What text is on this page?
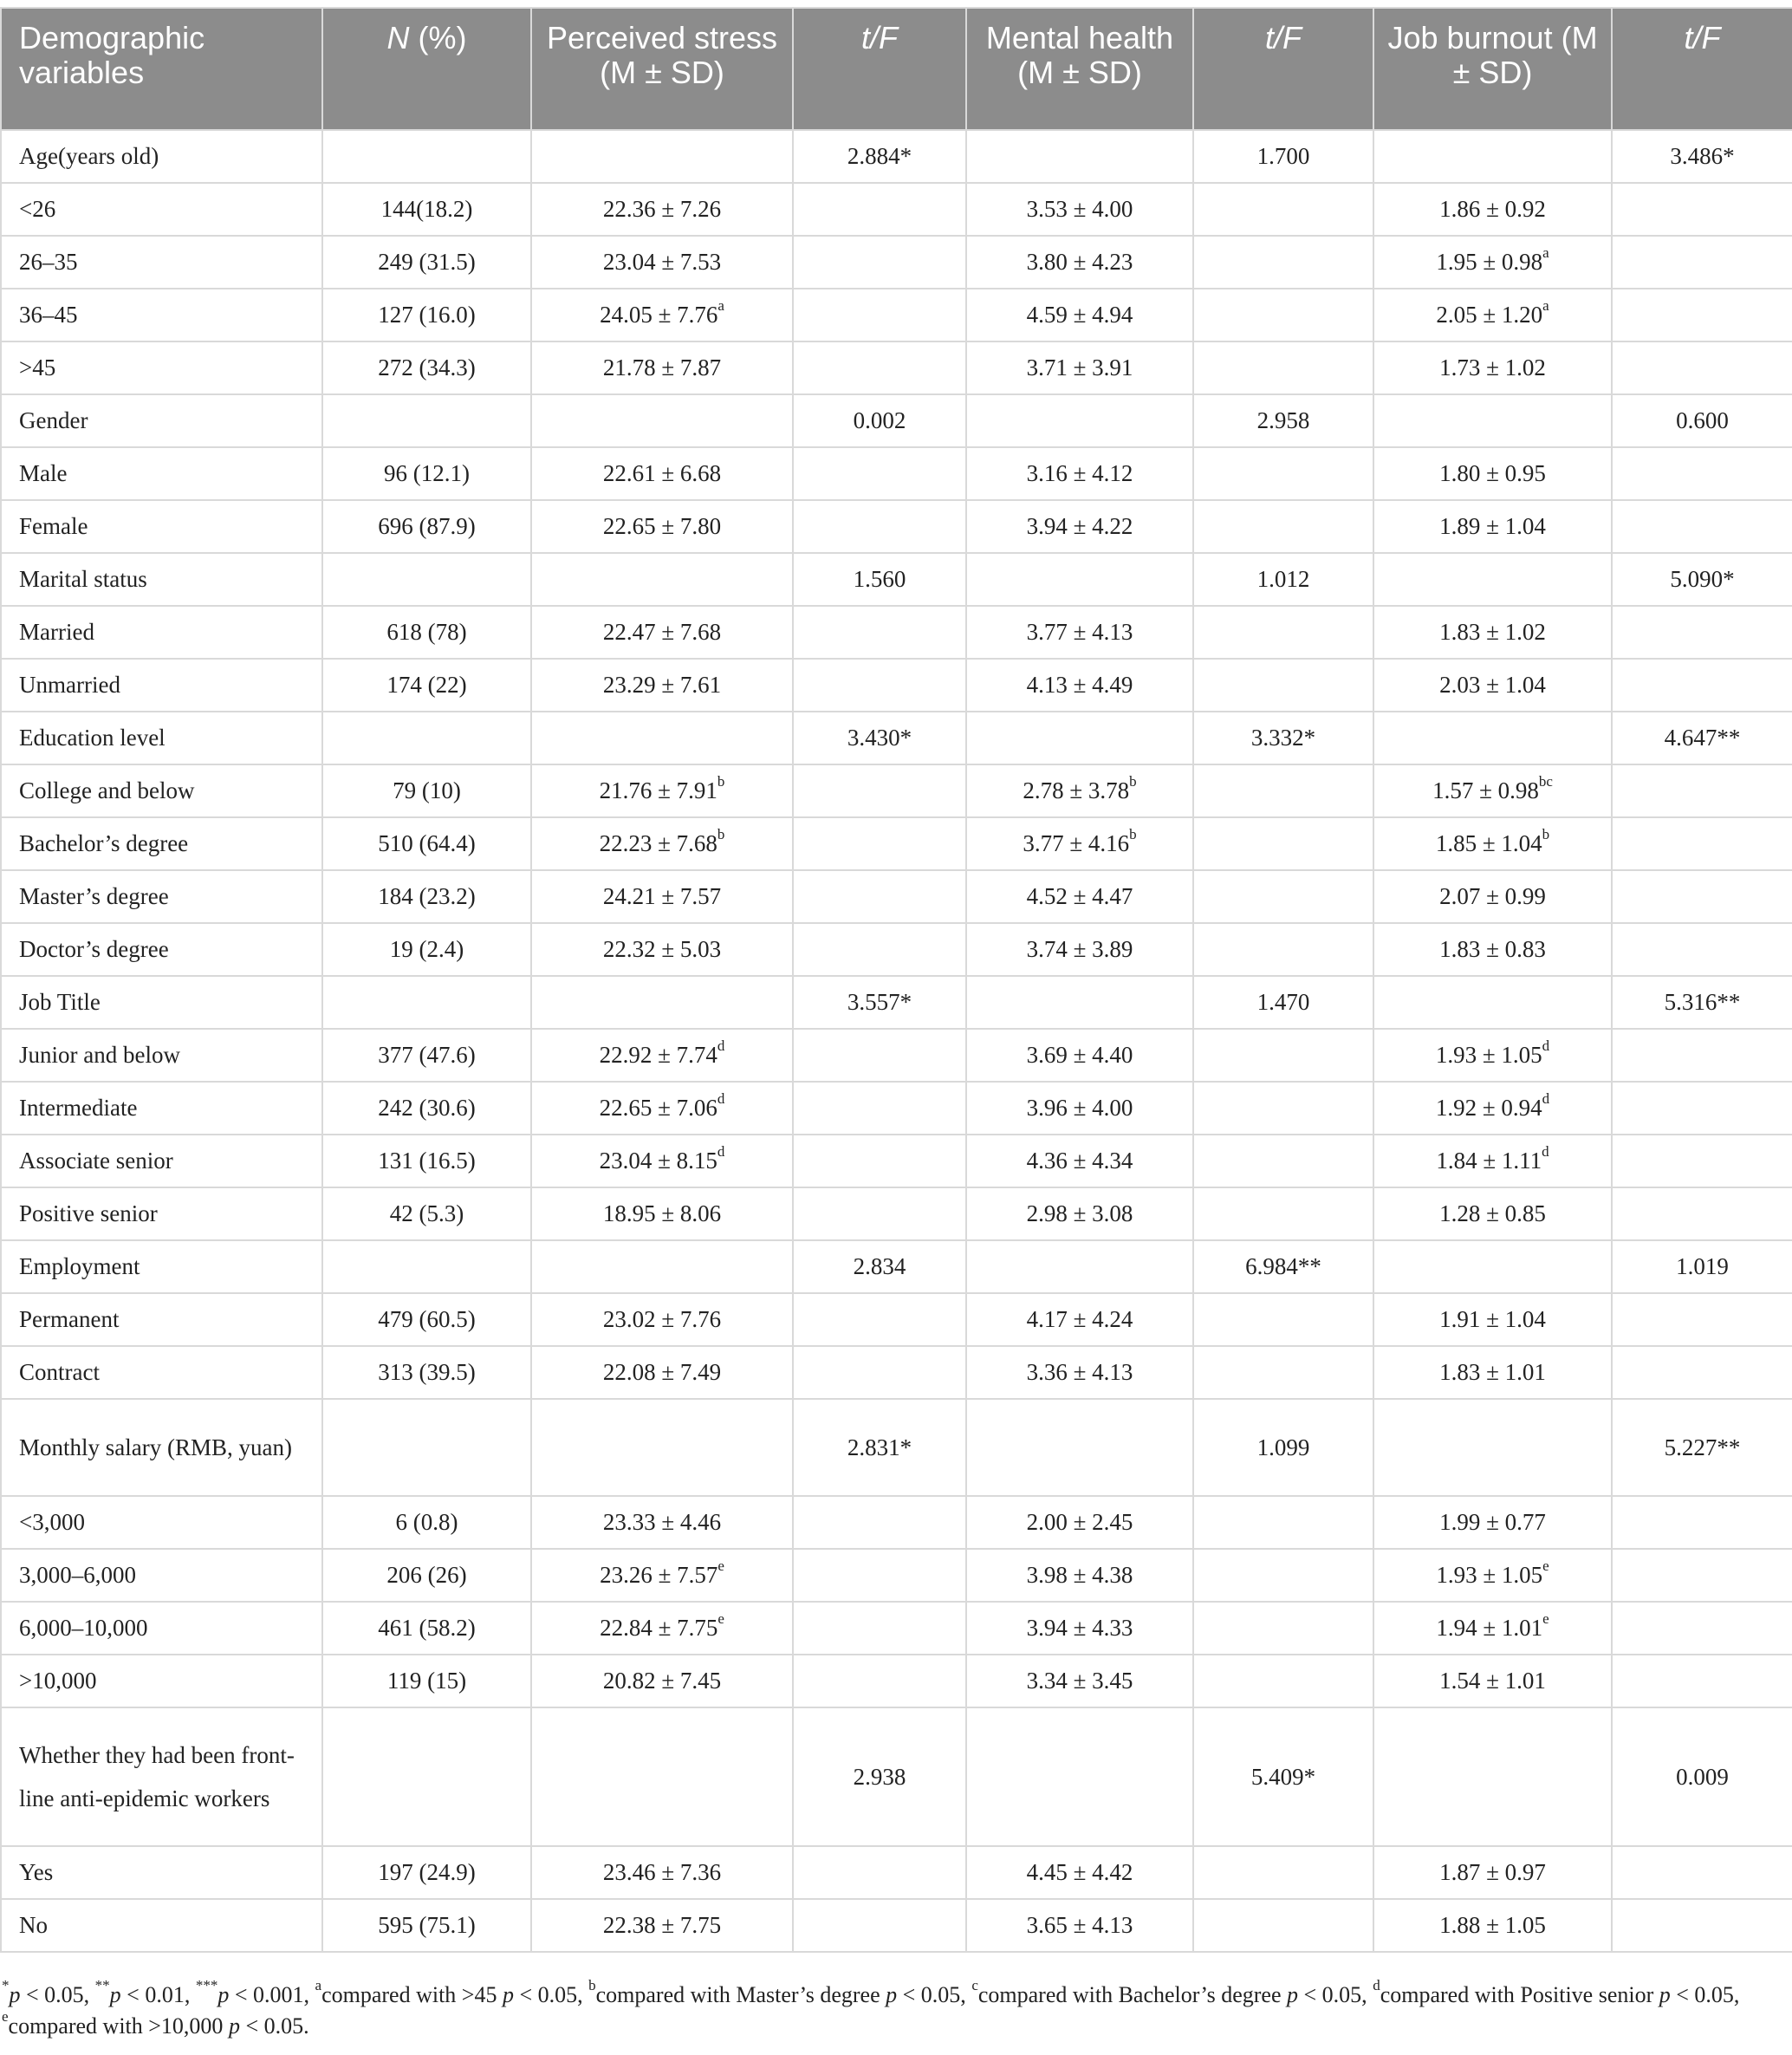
Demographic variables	N (%)	Perceived stress (M ± SD)	t/F	Mental health (M ± SD)	t/F	Job burnout (M ± SD)	t/F
Age(years old)			2.884*		1.700		3.486*
<26	144(18.2)	22.36 ± 7.26		3.53 ± 4.00		1.86 ± 0.92	
26–35	249 (31.5)	23.04 ± 7.53		3.80 ± 4.23		1.95 ± 0.98$^a$	
36–45	127 (16.0)	24.05 ± 7.76$^a$		4.59 ± 4.94		2.05 ± 1.20$^a$	
>45	272 (34.3)	21.78 ± 7.87		3.71 ± 3.91		1.73 ± 1.02	
Gender			0.002		2.958		0.600
Male	96 (12.1)	22.61 ± 6.68		3.16 ± 4.12		1.80 ± 0.95	
Female	696 (87.9)	22.65 ± 7.80		3.94 ± 4.22		1.89 ± 1.04	
Marital status			1.560		1.012		5.090*
Married	618 (78)	22.47 ± 7.68		3.77 ± 4.13		1.83 ± 1.02	
Unmarried	174 (22)	23.29 ± 7.61		4.13 ± 4.49		2.03 ± 1.04	
Education level			3.430*		3.332*		4.647**
College and below	79 (10)	21.76 ± 7.91$^b$		2.78 ± 3.78$^b$		1.57 ± 0.98$^{bc}$	
Bachelor’s degree	510 (64.4)	22.23 ± 7.68$^b$		3.77 ± 4.16$^b$		1.85 ± 1.04$^b$	
Master’s degree	184 (23.2)	24.21 ± 7.57		4.52 ± 4.47		2.07 ± 0.99	
Doctor’s degree	19 (2.4)	22.32 ± 5.03		3.74 ± 3.89		1.83 ± 0.83	
Job Title			3.557*		1.470		5.316**
Junior and below	377 (47.6)	22.92 ± 7.74$^d$		3.69 ± 4.40		1.93 ± 1.05$^d$	
Intermediate	242 (30.6)	22.65 ± 7.06$^d$		3.96 ± 4.00		1.92 ± 0.94$^d$	
Associate senior	131 (16.5)	23.04 ± 8.15$^d$		4.36 ± 4.34		1.84 ± 1.11$^d$	
Positive senior	42 (5.3)	18.95 ± 8.06		2.98 ± 3.08		1.28 ± 0.85	
Employment			2.834		6.984**		1.019
Permanent	479 (60.5)	23.02 ± 7.76		4.17 ± 4.24		1.91 ± 1.04	
Contract	313 (39.5)	22.08 ± 7.49		3.36 ± 4.13		1.83 ± 1.01	
Monthly salary (RMB, yuan)			2.831*		1.099		5.227**
<3,000	6 (0.8)	23.33 ± 4.46		2.00 ± 2.45		1.99 ± 0.77	
3,000–6,000	206 (26)	23.26 ± 7.57$^e$		3.98 ± 4.38		1.93 ± 1.05$^e$	
6,000–10,000	461 (58.2)	22.84 ± 7.75$^e$		3.94 ± 4.33		1.94 ± 1.01$^e$	
>10,000	119 (15)	20.82 ± 7.45		3.34 ± 3.45		1.54 ± 1.01	
Whether they had been front-line anti-epidemic workers			2.938		5.409*		0.009
Yes	197 (24.9)	23.46 ± 7.36		4.45 ± 4.42		1.87 ± 0.97	
No	595 (75.1)	22.38 ± 7.75		3.65 ± 4.13		1.88 ± 1.05	
*p < 0.05, **p < 0.01, ***p < 0.001, $^a$compared with >45 p < 0.05, $^b$compared with Master’s degree p < 0.05, $^c$compared with Bachelor’s degree p < 0.05, $^d$compared with Positive senior p < 0.05, $^e$compared with >10,000 p < 0.05.
